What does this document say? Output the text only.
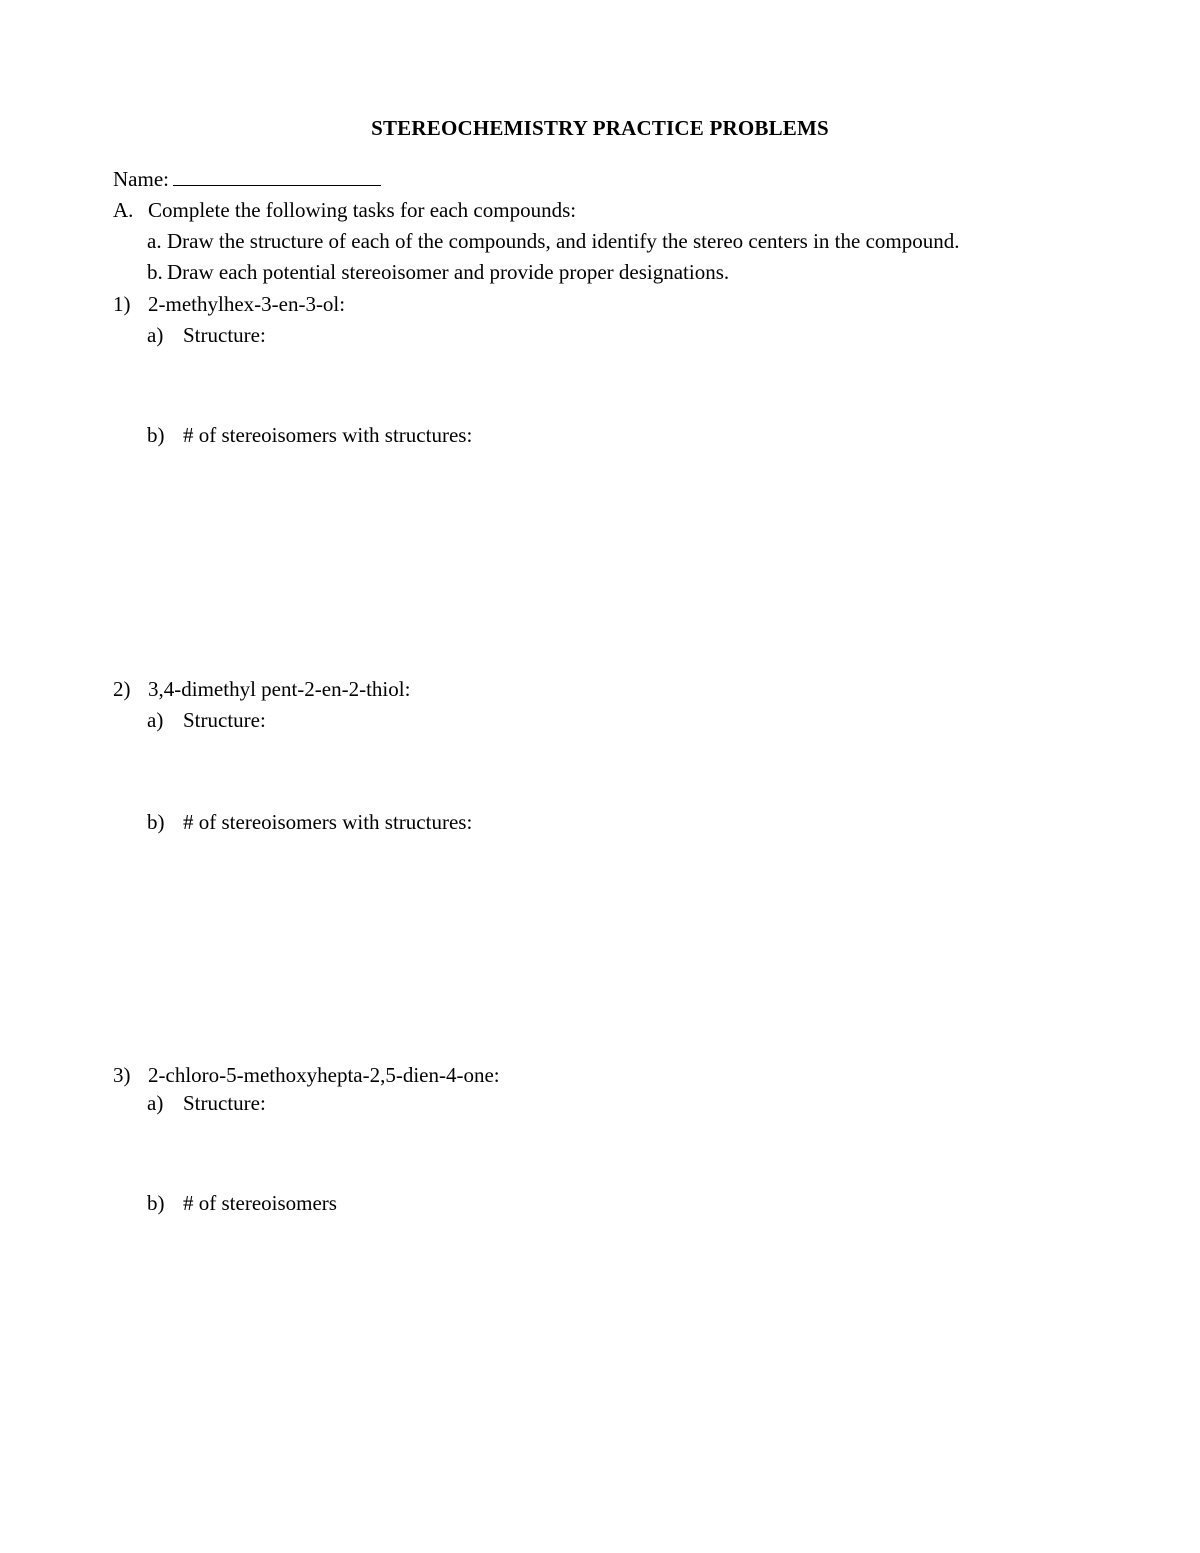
STEREOCHEMISTRY PRACTICE PROBLEMS
Name:
A. Complete the following tasks for each compounds:
a. Draw the structure of each of the compounds, and identify the stereo centers in the compound.
b. Draw each potential stereoisomer and provide proper designations.
1) 2-methylhex-3-en-3-ol:
a) Structure:
b) # of stereoisomers with structures:
2) 3,4-dimethyl pent-2-en-2-thiol:
a) Structure:
b) # of stereoisomers with structures:
3) 2-chloro-5-methoxyhepta-2,5-dien-4-one:
a) Structure:
b) # of stereoisomers
